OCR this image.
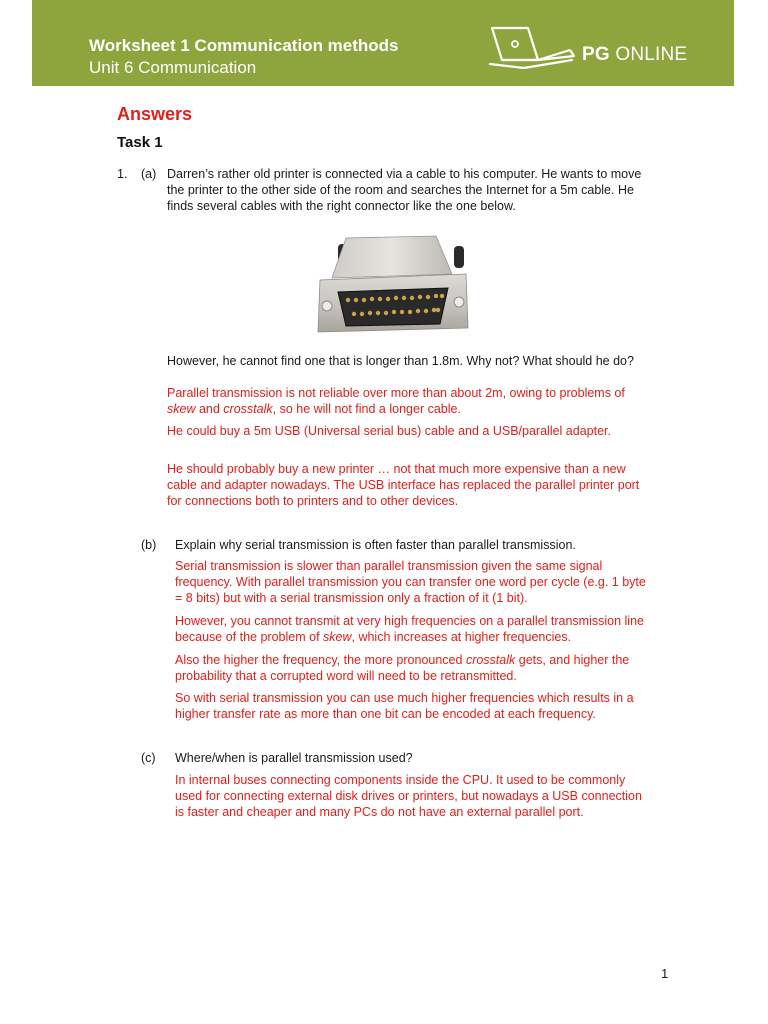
Worksheet 1 Communication methods
Unit 6 Communication
PG ONLINE
Answers
Task 1
1. (a) Darren’s rather old printer is connected via a cable to his computer. He wants to move
the printer to the other side of the room and searches the Internet for a 5m cable. He
finds several cables with the right connector like the one below.
However, he cannot find one that is longer than 1.8m. Why not? What should he do?
Parallel transmission is not reliable over more than about 2m, owing to problems of
skew and crosstalk, so he will not find a longer cable.
He could buy a 5m USB (Universal serial bus) cable and a USB/parallel adapter.
He should probably buy a new printer … not that much more expensive than a new
cable and adapter nowadays. The USB interface has replaced the parallel printer port
for connections both to printers and to other devices.
(b) Explain why serial transmission is often faster than parallel transmission.
Serial transmission is slower than parallel transmission given the same signal
frequency. With parallel transmission you can transfer one word per cycle (e.g. 1 byte
= 8 bits) but with a serial transmission only a fraction of it (1 bit).
However, you cannot transmit at very high frequencies on a parallel transmission line
because of the problem of skew, which increases at higher frequencies.
Also the higher the frequency, the more pronounced crosstalk gets, and higher the
probability that a corrupted word will need to be retransmitted.
So with serial transmission you can use much higher frequencies which results in a
higher transfer rate as more than one bit can be encoded at each frequency.
(c) Where/when is parallel transmission used?
In internal buses connecting components inside the CPU. It used to be commonly
used for connecting external disk drives or printers, but nowadays a USB connection
is faster and cheaper and many PCs do not have an external parallel port.
1
